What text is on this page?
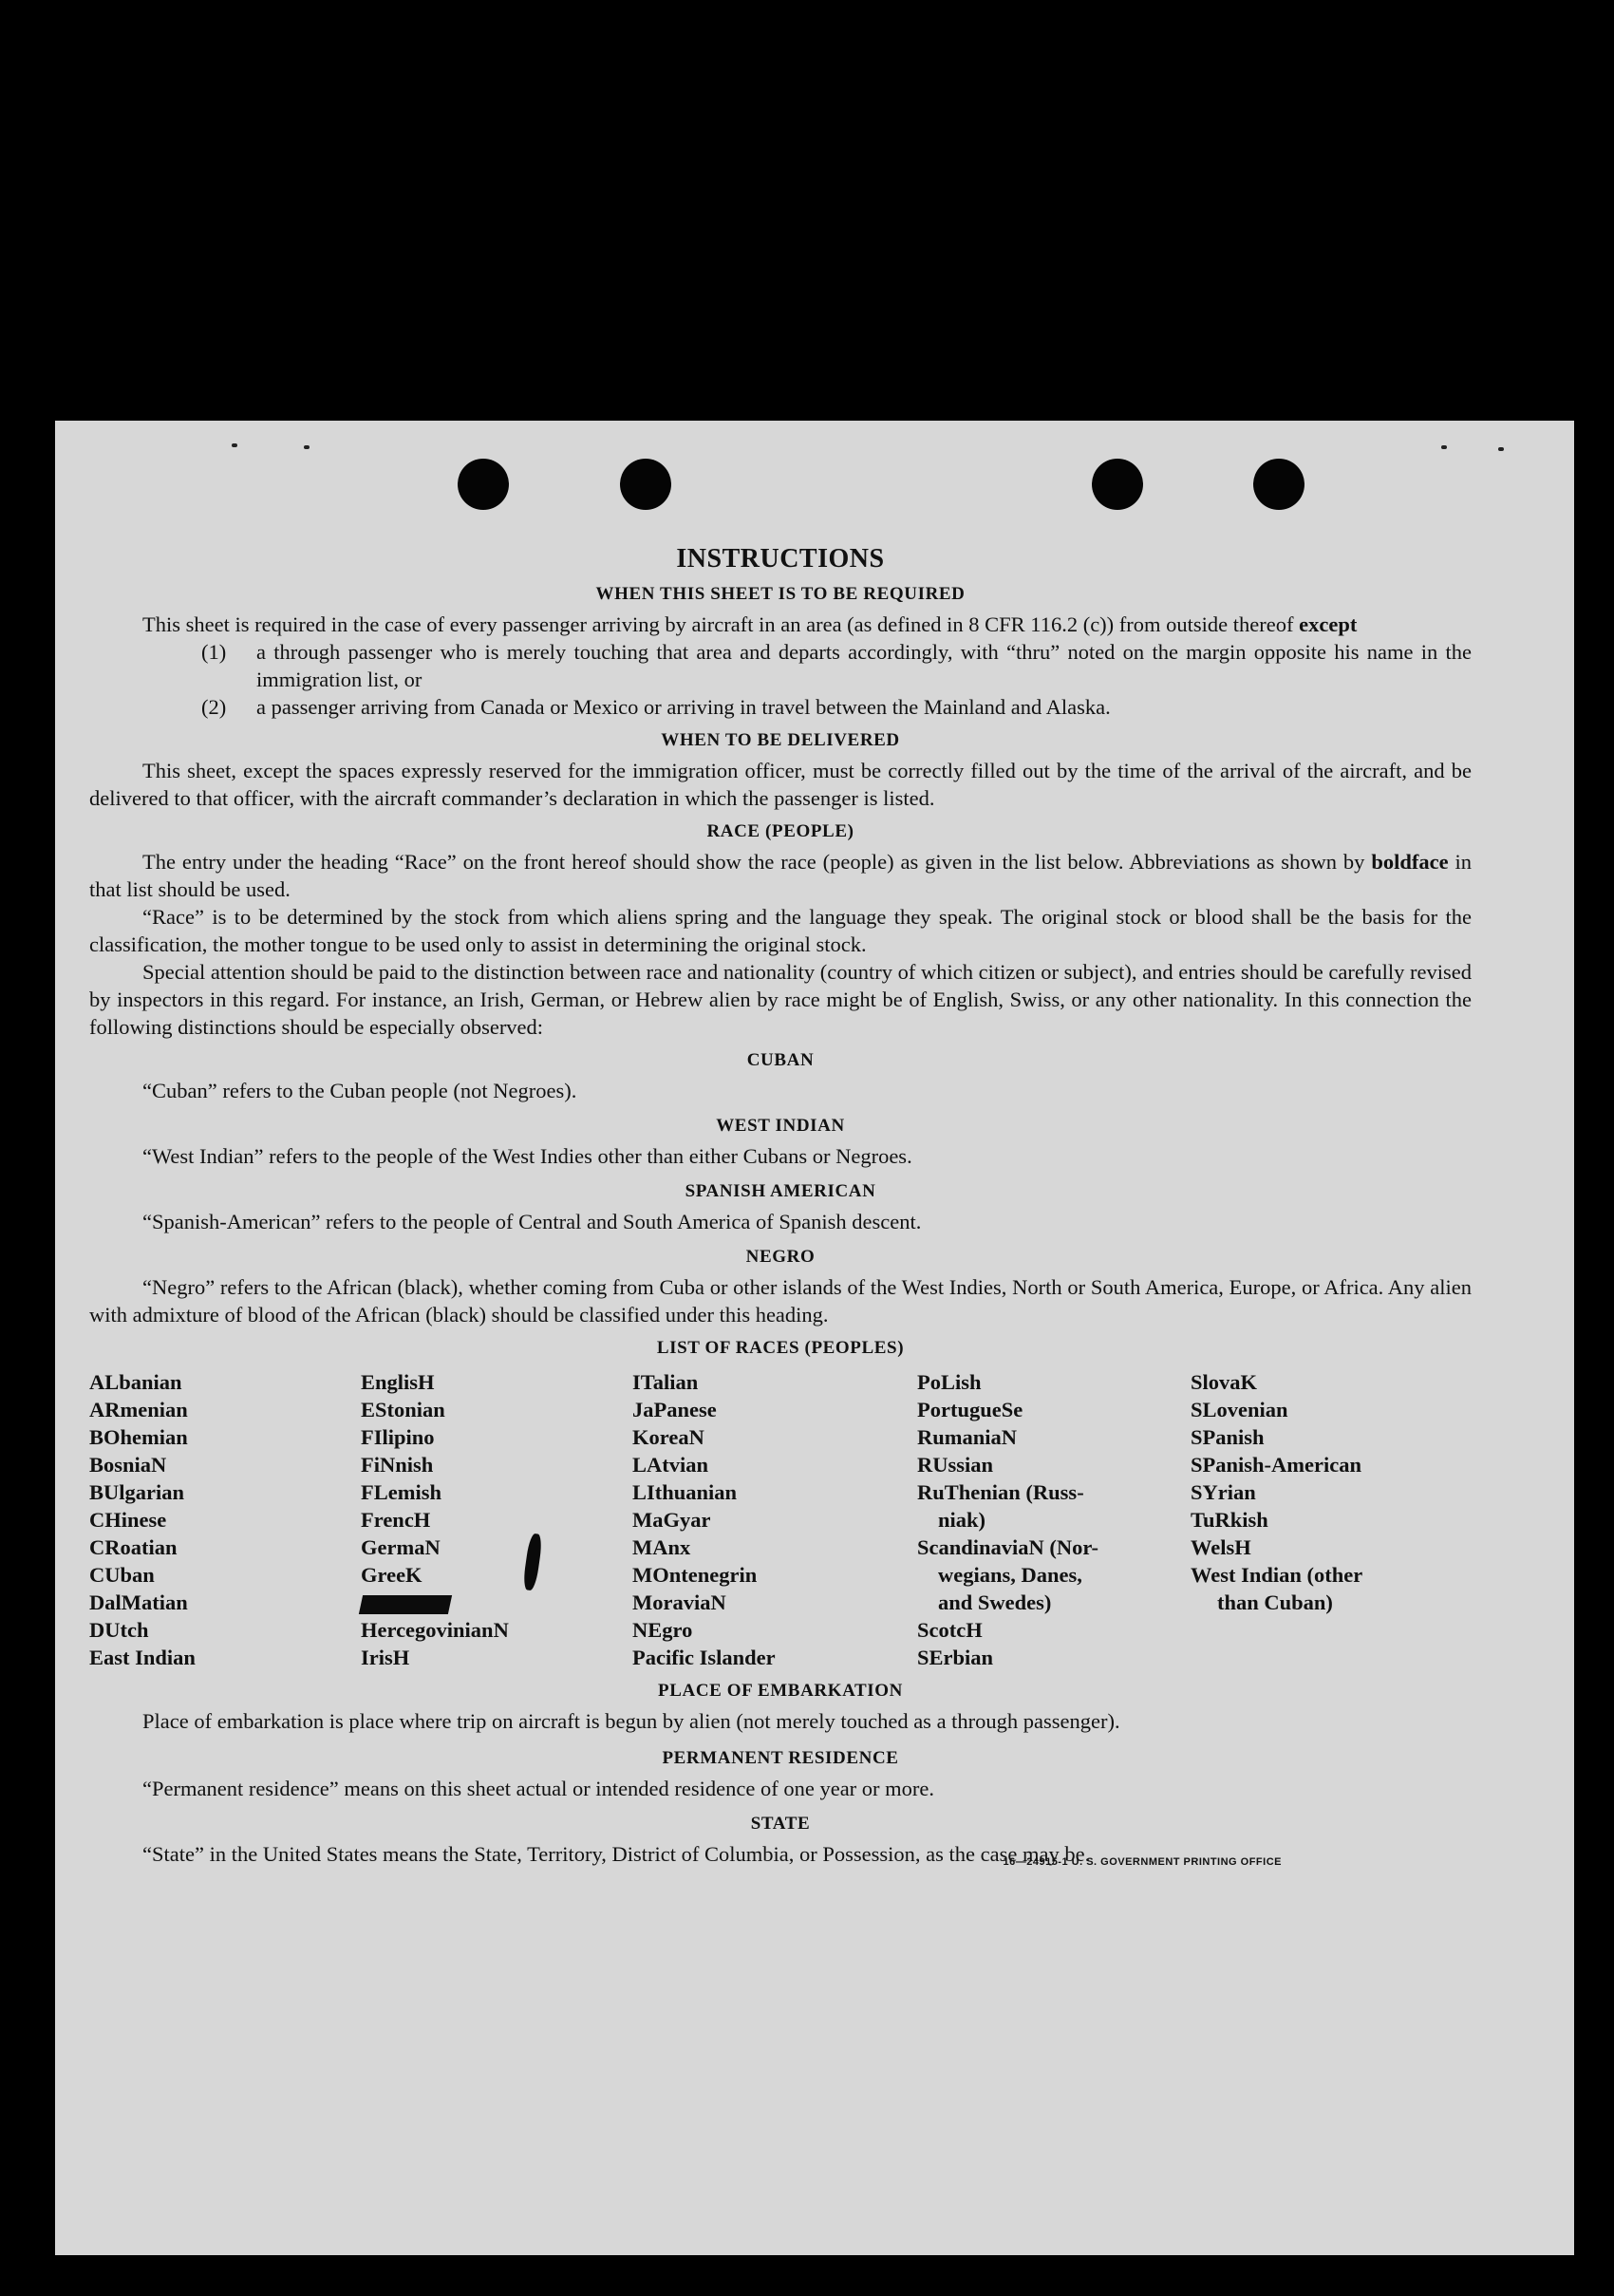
INSTRUCTIONS
WHEN THIS SHEET IS TO BE REQUIRED

This sheet is required in the case of every passenger arriving by aircraft in an area (as defined in 8 CFR 116.2 (c)) from outside thereof except

(1)	a through passenger who is merely touching that area and departs accordingly, with “thru” noted on the margin opposite his name in the immigration list, or
(2)	a passenger arriving from Canada or Mexico or arriving in travel between the Mainland and Alaska.
WHEN TO BE DELIVERED

This sheet, except the spaces expressly reserved for the immigration officer, must be correctly filled out by the time of the arrival of the aircraft, and be delivered to that officer, with the aircraft commander’s declaration in which the passenger is listed.

RACE (PEOPLE)

The entry under the heading “Race” on the front hereof should show the race (people) as given in the list below. Abbreviations as shown by boldface in that list should be used.

“Race” is to be determined by the stock from which aliens spring and the language they speak. The original stock or blood shall be the basis for the classification, the mother tongue to be used only to assist in determining the original stock.

Special attention should be paid to the distinction between race and nationality (country of which citizen or subject), and entries should be carefully revised by inspectors in this regard. For instance, an Irish, German, or Hebrew alien by race might be of English, Swiss, or any other nationality. In this connection the following distinctions should be especially observed:

CUBAN

“Cuban” refers to the Cuban people (not Negroes).

WEST INDIAN

“West Indian” refers to the people of the West Indies other than either Cubans or Negroes.

SPANISH AMERICAN

“Spanish-American” refers to the people of Central and South America of Spanish descent.

NEGRO

“Negro” refers to the African (black), whether coming from Cuba or other islands of the West Indies, North or South America, Europe, or Africa. Any alien with admixture of blood of the African (black) should be classified under this heading.

LIST OF RACES (PEOPLES)
ALbanian
ARmenian
BOhemian
BosniaN
BUlgarian
CHinese
CRoatian
CUban
DalMatian
DUtch
East Indian
EnglisH
EStonian
FIlipino
FiNnish
FLemish
FrencH
GermaN
GreeK
HercegovinianN
IrisH
ITalian
JaPanese
KoreaN
LAtvian
LIthuanian
MaGyar
MAnx
MOntenegrin
MoraviaN
NEgro
Pacific Islander
PoLish
PortugueSe
RumaniaN
RUssian
RuThenian (Russ-
niak)
ScandinaviaN (Nor-
wegians, Danes,
and Swedes)
ScotcH
SErbian
SlovaK
SLovenian
SPanish
SPanish-American
SYrian
TuRkish
WelsH
West Indian (other
than Cuban)
PLACE OF EMBARKATION

Place of embarkation is place where trip on aircraft is begun by alien (not merely touched as a through passenger).

PERMANENT RESIDENCE

“Permanent residence” means on this sheet actual or intended residence of one year or more.

STATE

“State” in the United States means the State, Territory, District of Columbia, or Possession, as the case may be.

16—24915-1 U. S. GOVERNMENT PRINTING OFFICE
